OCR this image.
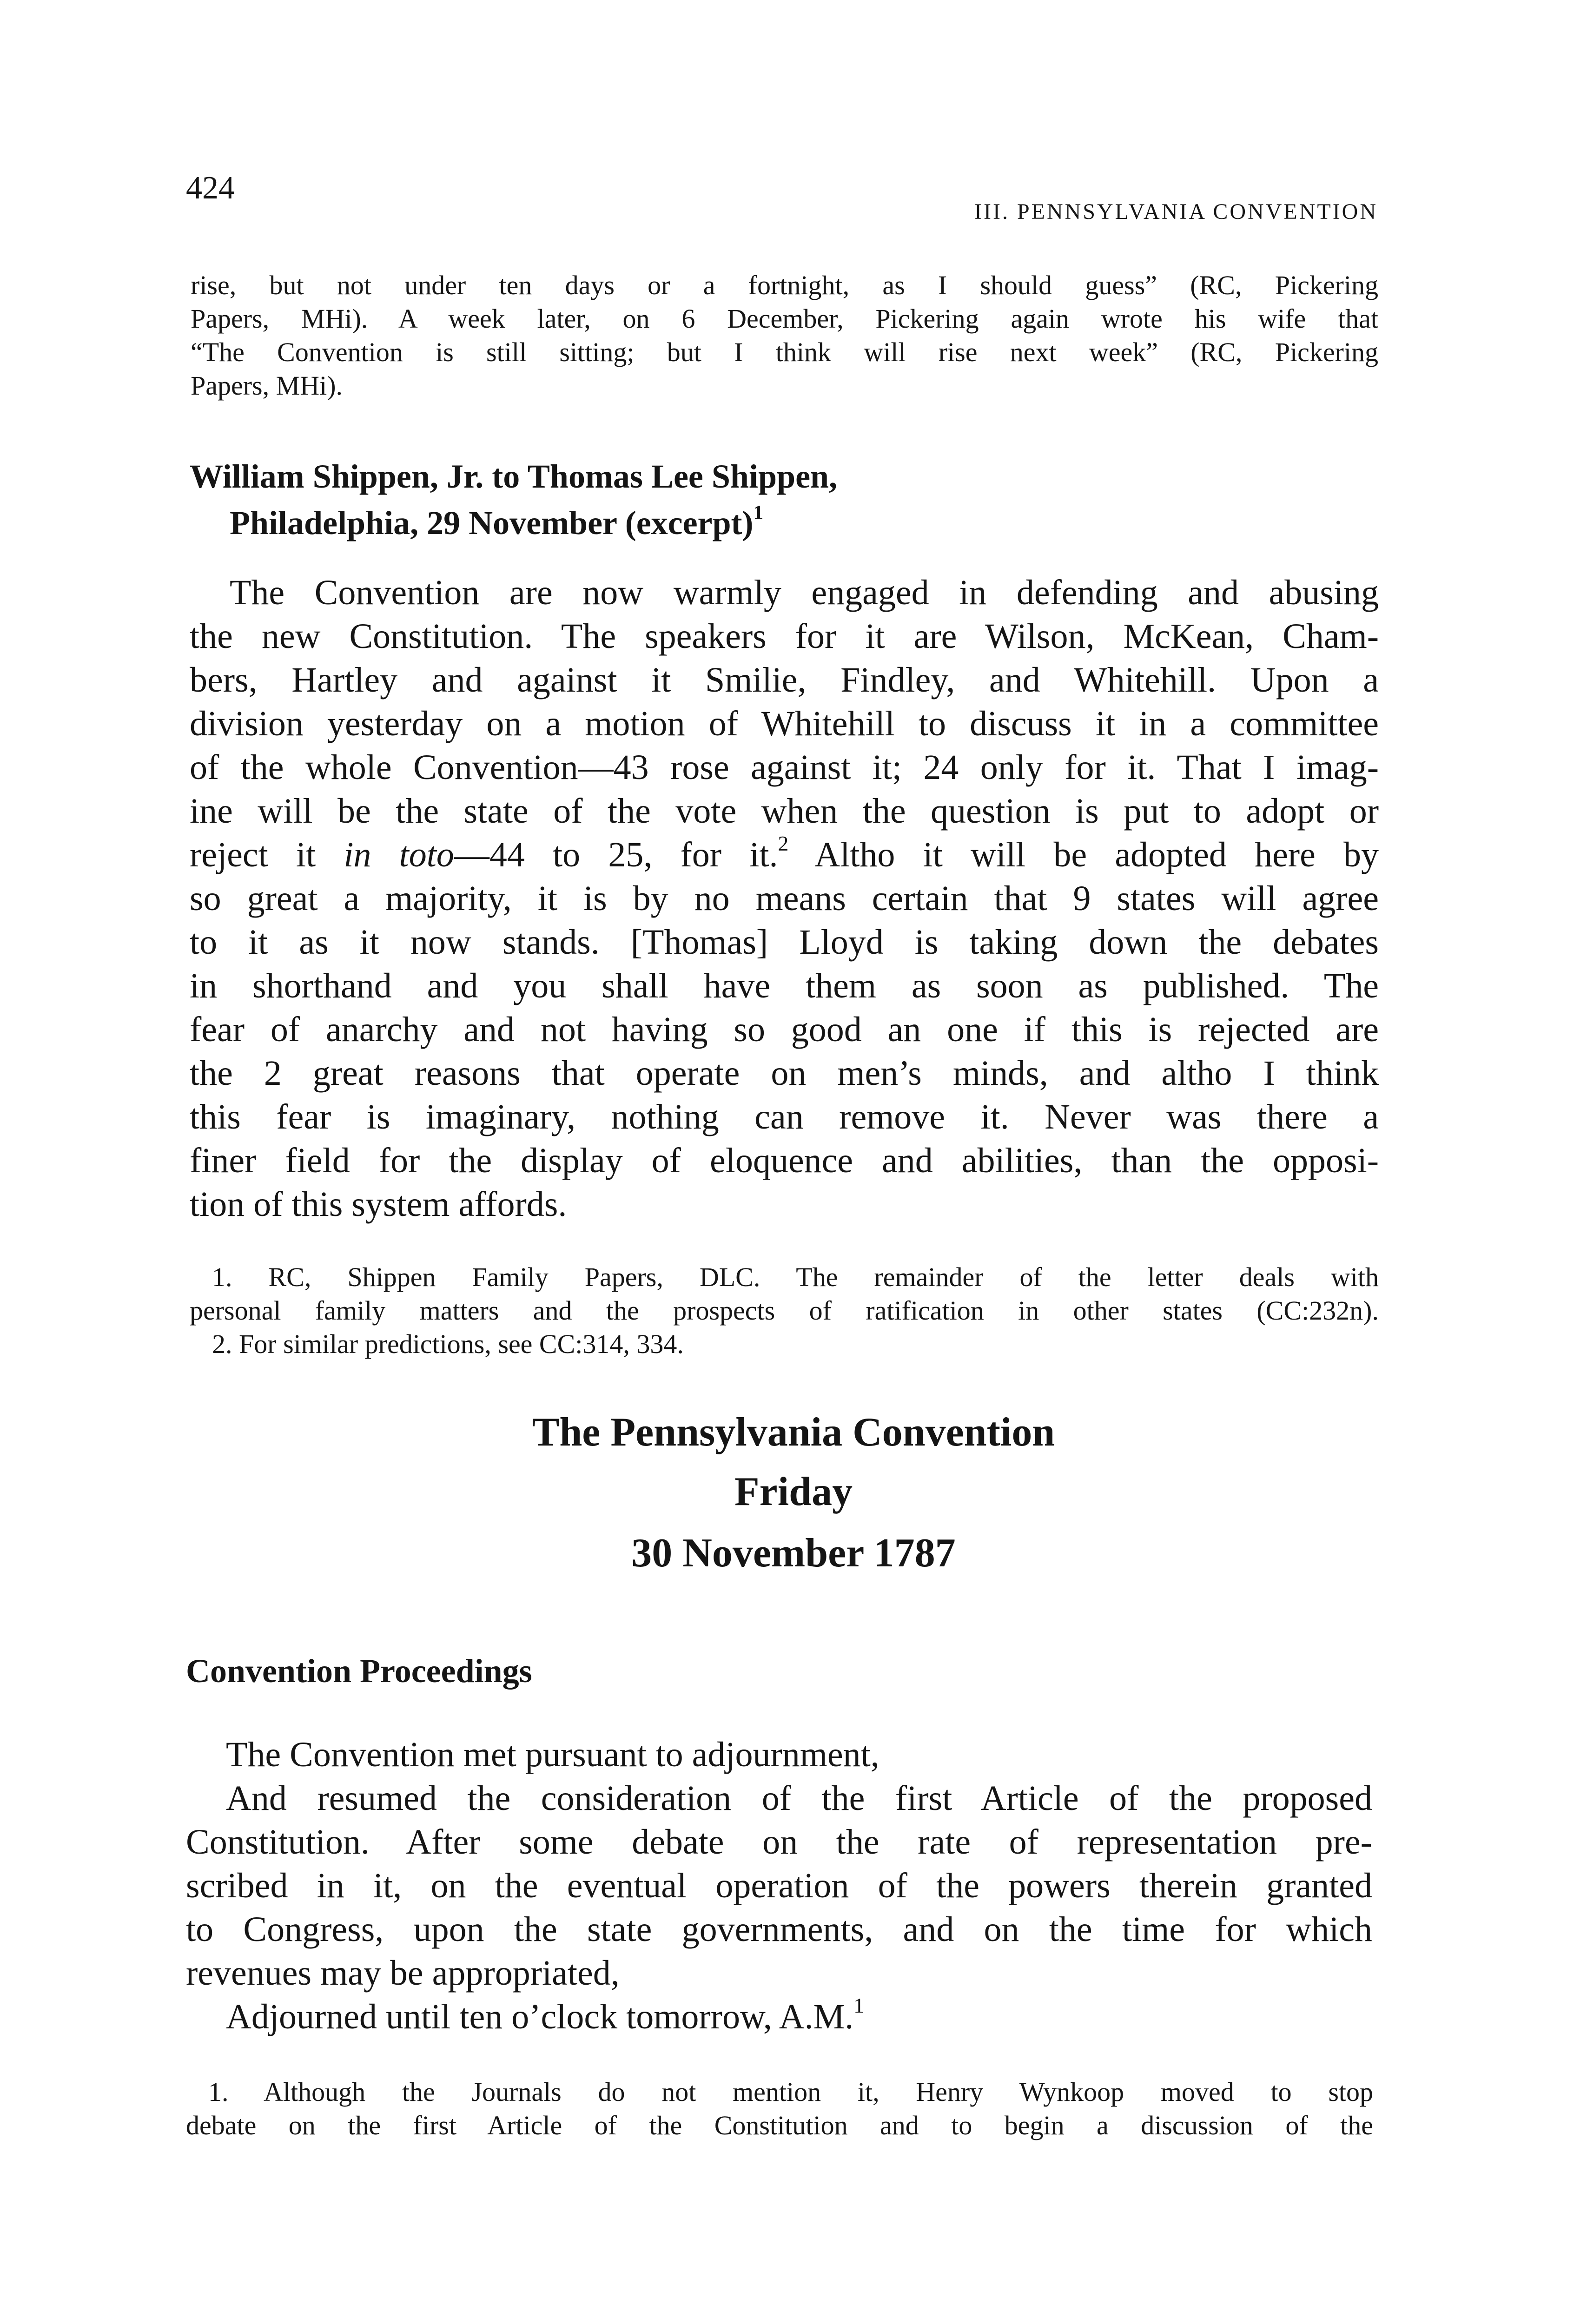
424
III. PENNSYLVANIA CONVENTION
rise, but not under ten days or a fortnight, as I should guess” (RC, Pickering
Papers, MHi). A week later, on 6 December, Pickering again wrote his wife that
“The Convention is still sitting; but I think will rise next week” (RC, Pickering
Papers, MHi).
William Shippen, Jr. to Thomas Lee Shippen,
Philadelphia, 29 November (excerpt)$^1$
The Convention are now warmly engaged in defending and abusing
the new Constitution. The speakers for it are Wilson, McKean, Cham-
bers, Hartley and against it Smilie, Findley, and Whitehill. Upon a
division yesterday on a motion of Whitehill to discuss it in a committee
of the whole Convention—43 rose against it; 24 only for it. That I imag-
ine will be the state of the vote when the question is put to adopt or
reject it in toto—44 to 25, for it.$^2$ Altho it will be adopted here by
so great a majority, it is by no means certain that 9 states will agree
to it as it now stands. [Thomas] Lloyd is taking down the debates
in shorthand and you shall have them as soon as published. The
fear of anarchy and not having so good an one if this is rejected are
the 2 great reasons that operate on men’s minds, and altho I think
this fear is imaginary, nothing can remove it. Never was there a
finer field for the display of eloquence and abilities, than the opposi-
tion of this system affords.
1. RC, Shippen Family Papers, DLC. The remainder of the letter deals with
personal family matters and the prospects of ratification in other states (CC:232n).
2. For similar predictions, see CC:314, 334.
The Pennsylvania Convention
Friday
30 November 1787
Convention Proceedings
The Convention met pursuant to adjournment,
And resumed the consideration of the first Article of the proposed
Constitution. After some debate on the rate of representation pre-
scribed in it, on the eventual operation of the powers therein granted
to Congress, upon the state governments, and on the time for which
revenues may be appropriated,
Adjourned until ten o’clock tomorrow, A.M.$^1$
1. Although the Journals do not mention it, Henry Wynkoop moved to stop
debate on the first Article of the Constitution and to begin a discussion of the
